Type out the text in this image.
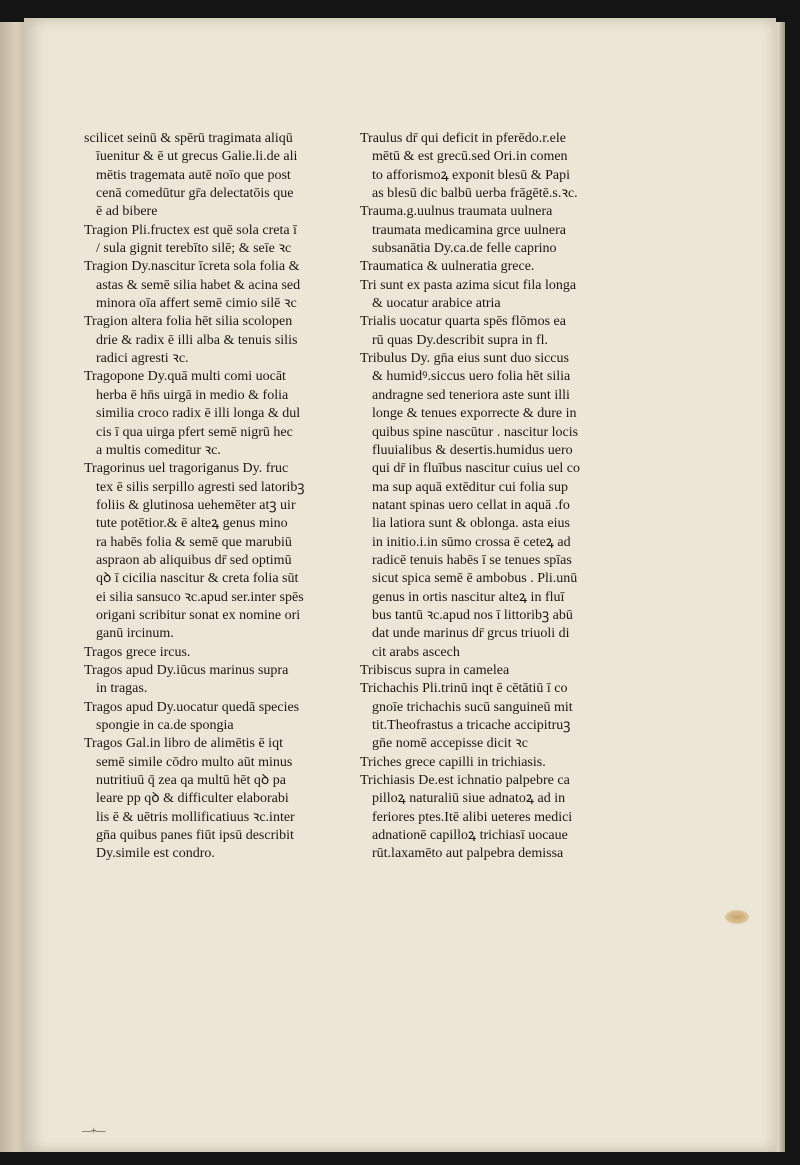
scilicet seinū & spērū tragimata aliqū
īuenitur & ē ut grecus Galie.li.de ali
mētis tragemata autē noīo que post
cenā comedūtur gr̄a delectatōis que
ē ad bibere
Tragion Pli.fructex est quē sola creta ī
/ sula gignit terebīto silē; & seīe ꝛc
Tragion Dy.nascitur īcreta sola folia &
astas & semē silia habet & acina sed
minora oīa affert semē cimio silē ꝛc
Tragion altera folia hēt silia scolopen
drie & radix ē illi alba & tenuis silis
radici agresti ꝛc.
Tragopone Dy.quā multi comi uocāt
herba ē hn̄s uirgā in medio & folia
similia croco radix ē illi longa & dul
cis ī qua uirga pfert semē nigrū hec
a multis comeditur ꝛc.
Tragorinus uel tragoriganus Dy. fruc
tex ē silis serpillo agresti sed latoribꝫ
foliis & glutinosa uehemēter atꝫ uir
tute potētior.& ē alteꝝ genus mino
ra habēs folia & semē que marubiū
aspraon ab aliquibus dr̄ sed optimū
qꝺ ī cicilia nascitur & creta folia sūt
ei silia sansuco ꝛc.apud ser.inter spēs
origani scribitur sonat ex nomine ori
ganū ircinum.
Tragos grece ircus.
Tragos apud Dy.iūcus marinus supra
in tragas.
Tragos apud Dy.uocatur quedā species
spongie in ca.de spongia
Tragos Gal.in libro de alimētis ē iqt
semē simile cōdro multo aūt minus
nutritiuū q̄ zea qa multū hēt qꝺ pa
leare pp qꝺ & difficulter elaborabi
lis ē & uētris mollificatiuus ꝛc.inter
gn̄a quibus panes fiūt ipsū describit
Dy.simile est condro.
Traulus dr̄ qui deficit in pferēdo.r.ele
mētū & est grecū.sed Ori.in comen
to afforismoꝝ exponit blesū & Papi
as blesū dic balbū uerba frāgētē.s.ꝛc.
Trauma.g.uulnus traumata uulnera
traumata medicamina grce uulnera
subsanātia Dy.ca.de felle caprino
Traumatica & uulneratia grece.
Tri sunt ex pasta azima sicut fila longa
& uocatur arabice atria
Trialis uocatur quarta spēs flōmos ea
rū quas Dy.describit supra in fl.
Tribulus Dy. gn̄a eius sunt duo siccus
& humidꝰ.siccus uero folia hēt silia
andragne sed teneriora aste sunt illi
longe & tenues exporrecte & dure in
quibus spine nascūtur . nascitur locis
fluuialibus & desertis.humidus uero
qui dr̄ in fluībus nascitur cuius uel co
ma sup aquā extēditur cui folia sup
natant spinas uero cellat in aquā .fo
lia latiora sunt & oblonga. asta eius
in initio.i.in sūmo crossa ē ceteꝝ ad
radicē tenuis habēs ī se tenues spīas
sicut spica semē ē ambobus . Pli.unū
genus in ortis nascitur alteꝝ in fluī
bus tantū ꝛc.apud nos ī littoribꝫ abū
dat unde marinus dr̄ grcus triuoli di
cit arabs ascech
Tribiscus supra in camelea
Trichachis Pli.trinū inqt ē cētātiū ī co
gnoīe trichachis sucū sanguineū mit
tit.Theofrastus a tricache accipitruꝫ
gn̄e nomē accepisse dicit ꝛc
Triches grece capilli in trichiasis.
Trichiasis De.est ichnatio palpebre ca
pilloꝝ naturaliū siue adnatoꝝ ad in
feriores ptes.Itē alibi ueteres medici
adnationē capilloꝝ trichiasī uocaue
rūt.laxamēto aut palpebra demissa
—+—
